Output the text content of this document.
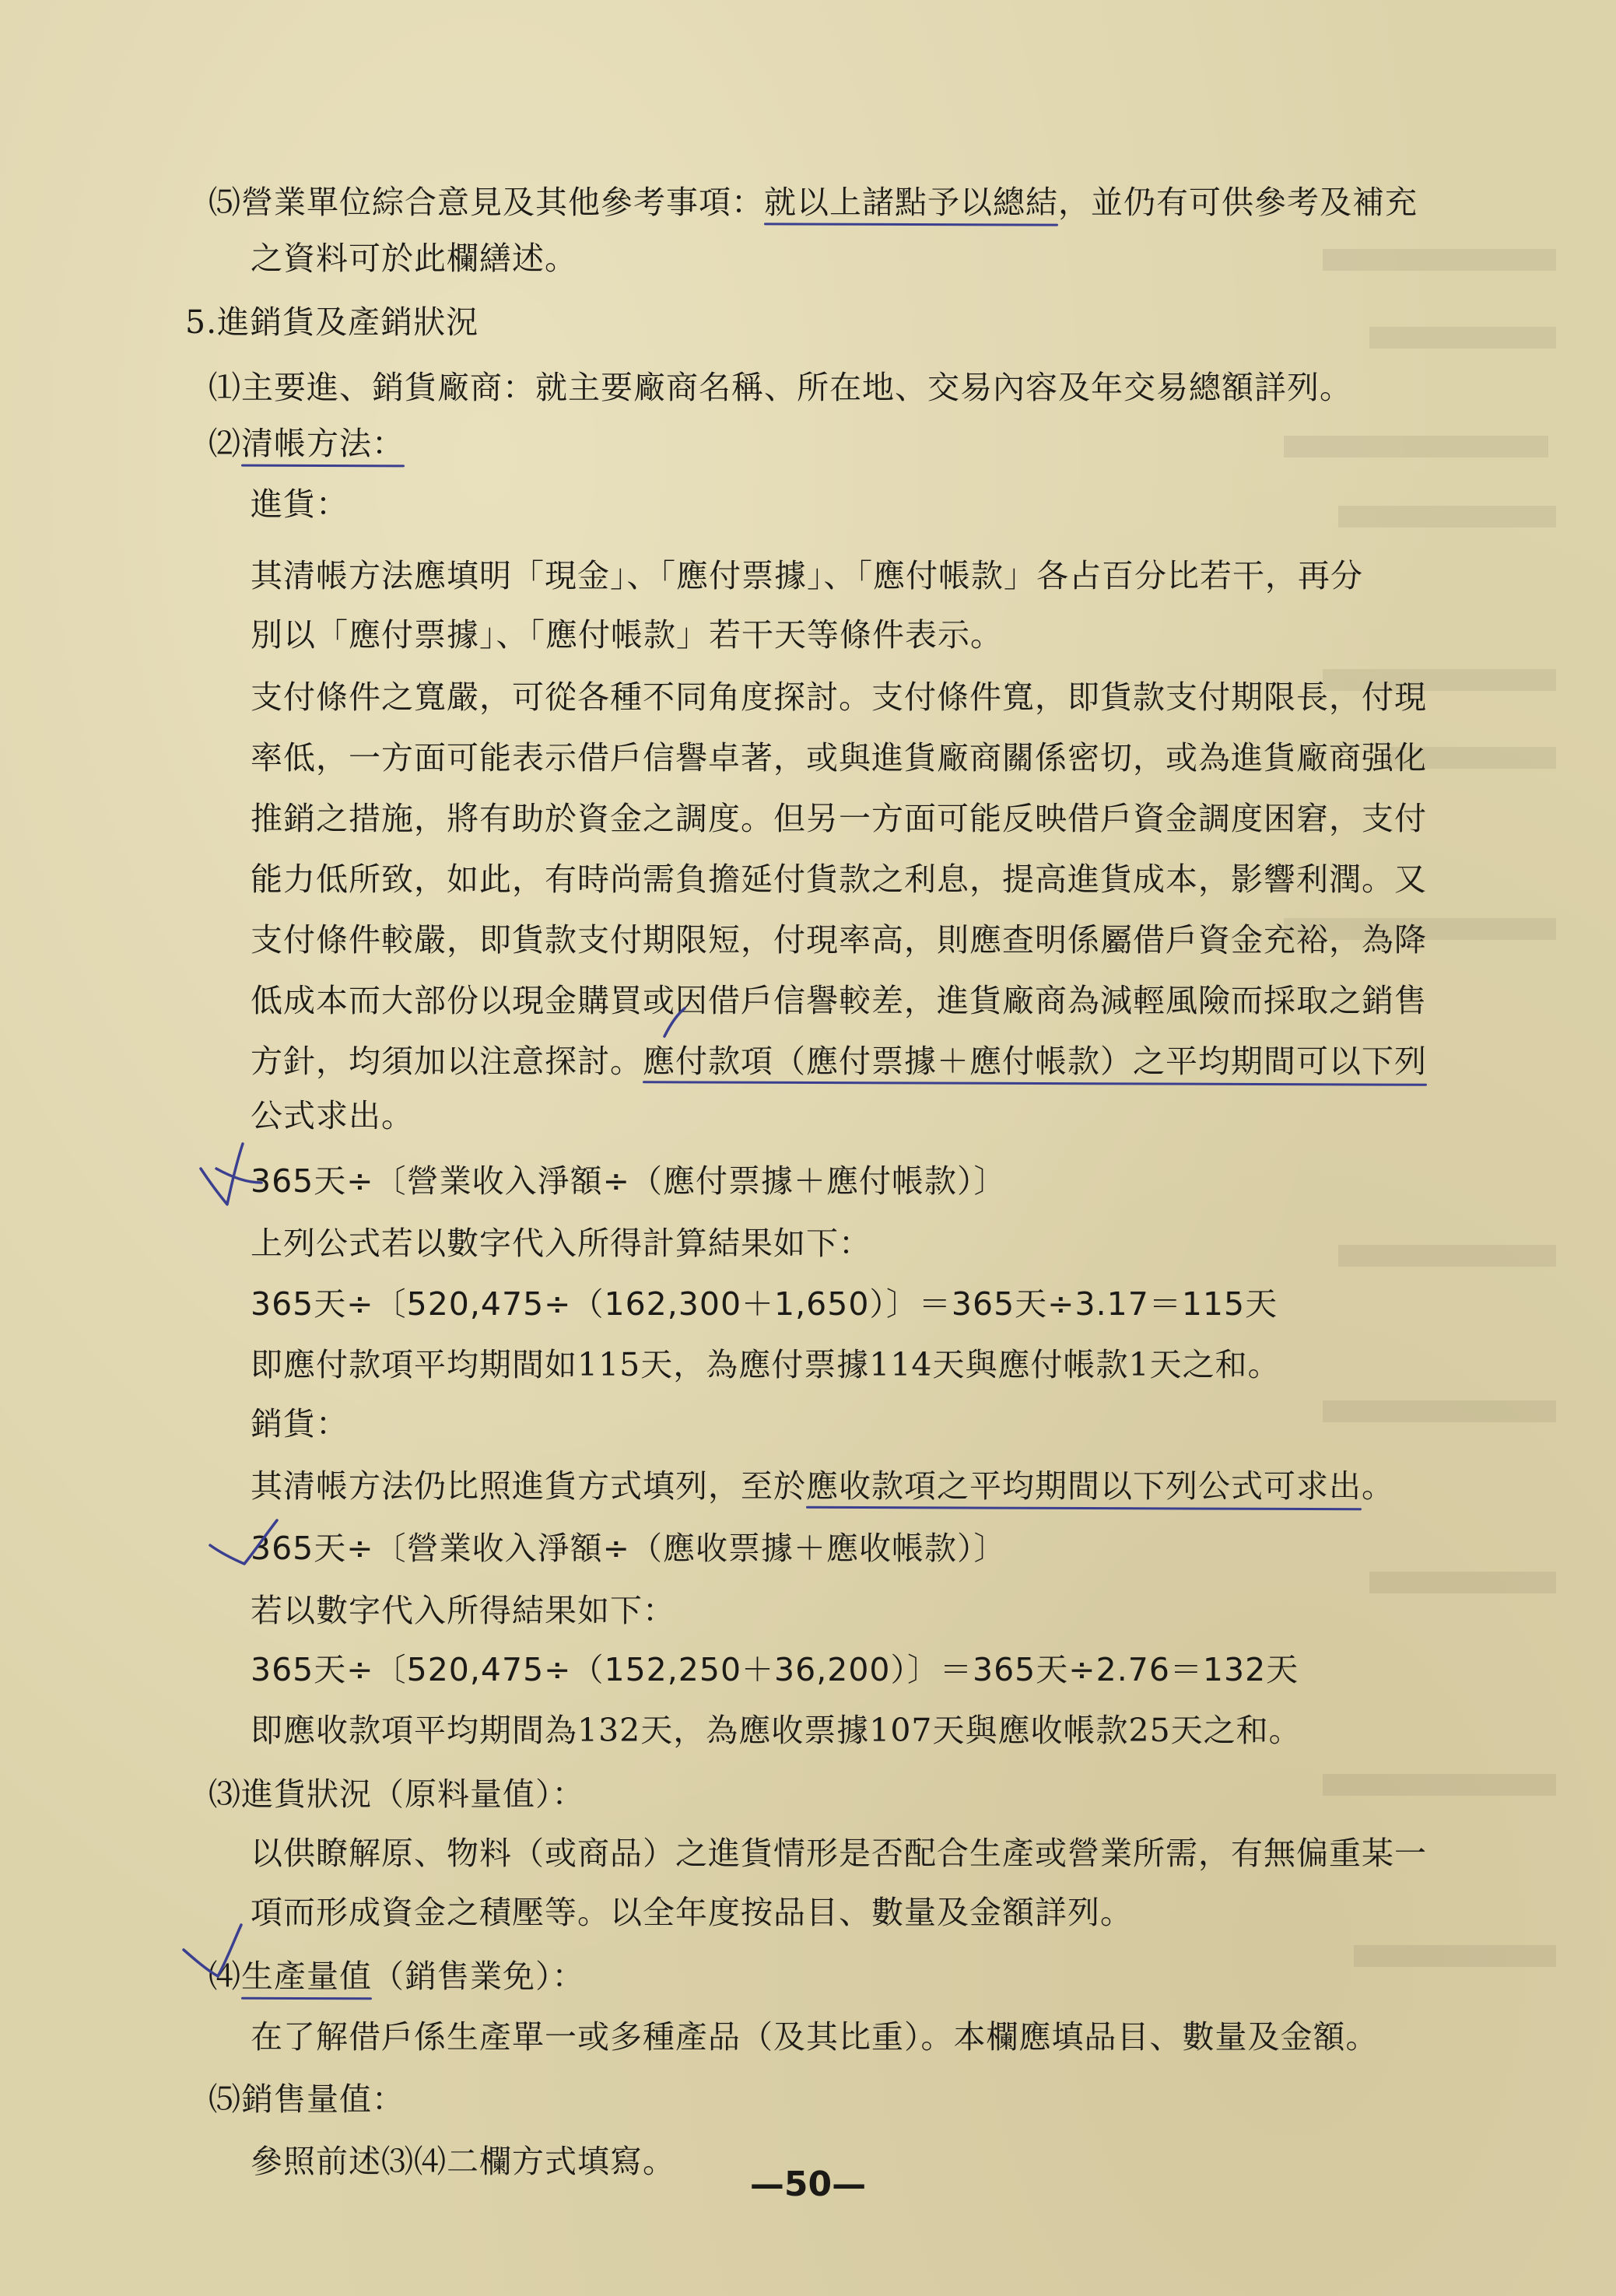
⑸營業單位綜合意見及其他參考事項：就以上諸點予以總結，並仍有可供參考及補充
之資料可於此欄繕述。
5.進銷貨及產銷狀況
⑴主要進、銷貨廠商：就主要廠商名稱、所在地、交易內容及年交易總額詳列。
⑵清帳方法：
進貨：
其清帳方法應填明「現金」、「應付票據」、「應付帳款」各占百分比若干，再分
別以「應付票據」、「應付帳款」若干天等條件表示。
支付條件之寬嚴，可從各種不同角度探討。支付條件寬，即貨款支付期限長，付現
率低，一方面可能表示借戶信譽卓著，或與進貨廠商關係密切，或為進貨廠商强化
推銷之措施，將有助於資金之調度。但另一方面可能反映借戶資金調度困窘，支付
能力低所致，如此，有時尚需負擔延付貨款之利息，提高進貨成本，影響利潤。又
支付條件較嚴，即貨款支付期限短，付現率高，則應查明係屬借戶資金充裕，為降
低成本而大部份以現金購買或因借戶信譽較差，進貨廠商為減輕風險而採取之銷售
方針，均須加以注意探討。應付款項（應付票據＋應付帳款）之平均期間可以下列
公式求出。
365天÷〔營業收入淨額÷（應付票據＋應付帳款）〕
上列公式若以數字代入所得計算結果如下：
365天÷〔520,475÷（162,300＋1,650）〕＝365天÷3.17＝115天
即應付款項平均期間如115天，為應付票據114天與應付帳款1天之和。
銷貨：
其清帳方法仍比照進貨方式填列，至於應收款項之平均期間以下列公式可求出。
365天÷〔營業收入淨額÷（應收票據＋應收帳款）〕
若以數字代入所得結果如下：
365天÷〔520,475÷（152,250＋36,200）〕＝365天÷2.76＝132天
即應收款項平均期間為132天，為應收票據107天與應收帳款25天之和。
⑶進貨狀況（原料量值）：
以供瞭解原、物料（或商品）之進貨情形是否配合生產或營業所需，有無偏重某一
項而形成資金之積壓等。以全年度按品目、數量及金額詳列。
⑷生產量值（銷售業免）：
在了解借戶係生產單一或多種產品（及其比重）。本欄應填品目、數量及金額。
⑸銷售量值：
參照前述⑶⑷二欄方式填寫。
—50—
